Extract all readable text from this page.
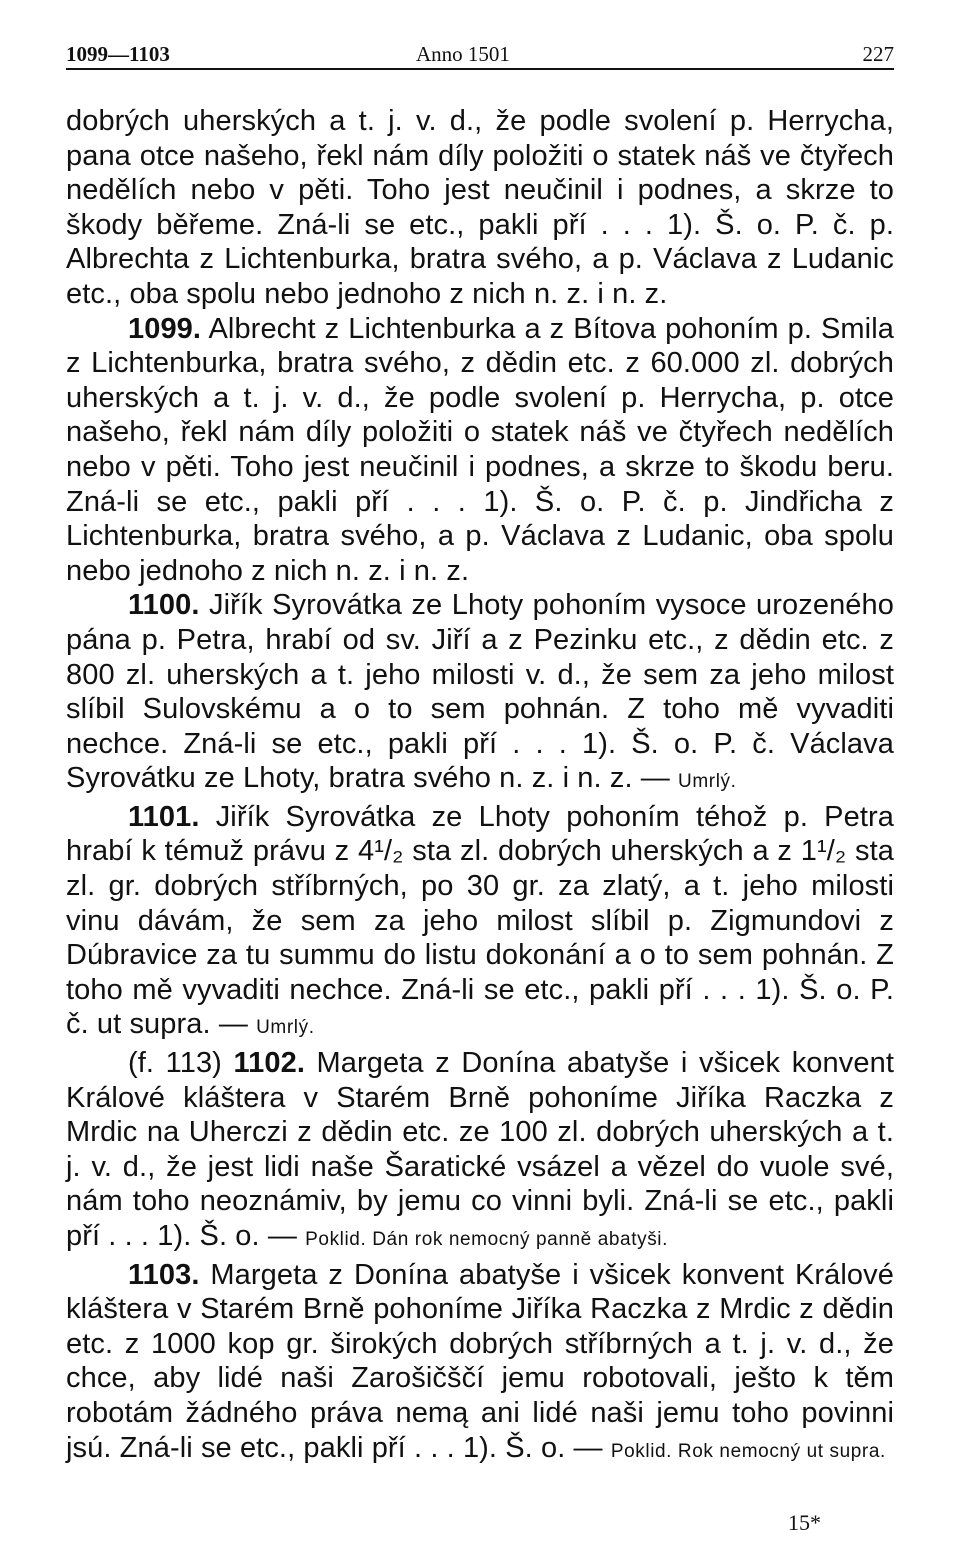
1099—1103	Anno 1501	227

dobrých uherských a t. j. v. d., že podle svolení p. Herrycha, pana otce našeho, řekl nám díly položiti o statek náš ve čtyřech nedělích nebo v pěti. Toho jest neučinil i podnes, a skrze to škody běřeme. Zná-li se etc., pakli pří . . . 1). Š. o. P. č. p. Albrechta z Lichtenburka, bratra svého, a p. Václava z Ludanic etc., oba spolu nebo jednoho z nich n. z. i n. z.

1099. Albrecht z Lichtenburka a z Bítova pohoním p. Smila z Lichtenburka, bratra svého, z dědin etc. z 60.000 zl. dobrých uherských a t. j. v. d., že podle svolení p. Herrycha, p. otce našeho, řekl nám díly položiti o statek náš ve čtyřech nedělích nebo v pěti. Toho jest neučinil i podnes, a skrze to škodu beru. Zná-li se etc., pakli pří . . . 1). Š. o. P. č. p. Jindřicha z Lichtenburka, bratra svého, a p. Václava z Ludanic, oba spolu nebo jednoho z nich n. z. i n. z.

1100. Jiřík Syrovátka ze Lhoty pohoním vysoce urozeného pána p. Petra, hrabí od sv. Jiří a z Pezinku etc., z dědin etc. z 800 zl. uherských a t. jeho milosti v. d., že sem za jeho milost slíbil Sulovskému a o to sem pohnán. Z toho mě vyvaditi nechce. Zná-li se etc., pakli pří . . . 1). Š. o. P. č. Václava Syrovátku ze Lhoty, bratra svého n. z. i n. z. — Umrlý.

1101. Jiřík Syrovátka ze Lhoty pohoním téhož p. Petra hrabí k témuž právu z 4¹/₂ sta zl. dobrých uherských a z 1¹/₂ sta zl. gr. dobrých stříbrných, po 30 gr. za zlatý, a t. jeho milosti vinu dávám, že sem za jeho milost slíbil p. Zigmundovi z Dúbravice za tu summu do listu dokonání a o to sem pohnán. Z toho mě vyvaditi nechce. Zná-li se etc., pakli pří . . . 1). Š. o. P. č. ut supra. — Umrlý.

(f. 113) 1102. Margeta z Donína abatyše i všicek konvent Králové kláštera v Starém Brně pohoníme Jiříka Raczka z Mrdic na Uherczi z dědin etc. ze 100 zl. dobrých uherských a t. j. v. d., že jest lidi naše Šaratické vsázel a vězel do vuole své, nám toho neoznámiv, by jemu co vinni byli. Zná-li se etc., pakli pří . . . 1). Š. o. — Poklid. Dán rok nemocný panně abatyši.

1103. Margeta z Donína abatyše i všicek konvent Králové kláštera v Starém Brně pohoníme Jiříka Raczka z Mrdic z dědin etc. z 1000 kop gr. širokých dobrých stříbrných a t. j. v. d., že chce, aby lidé naši Zarošičščí jemu robotovali, ješto k těm robotám žádného práva nemą ani lidé naši jemu toho povinni jsú. Zná-li se etc., pakli pří . . . 1). Š. o. — Poklid. Rok nemocný ut supra.

15*
